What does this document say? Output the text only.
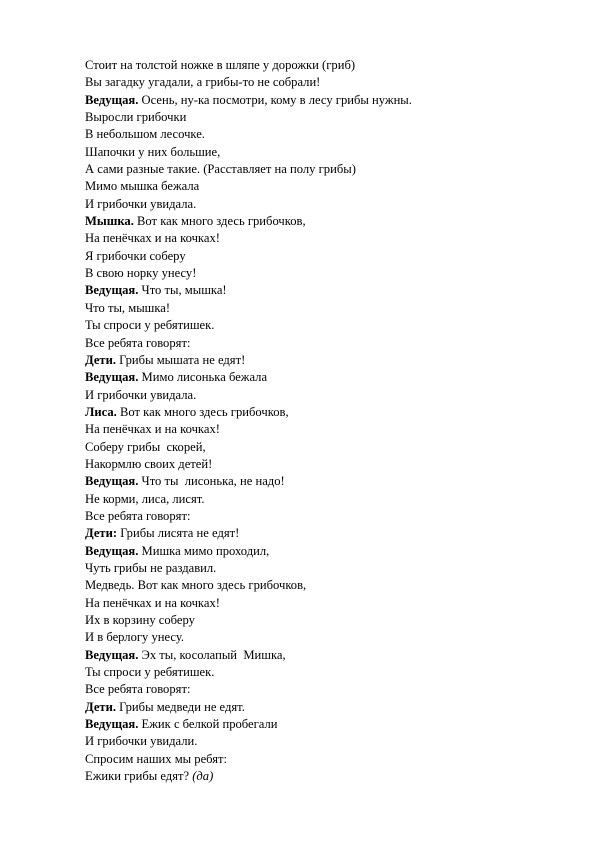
Стоит на толстой ножке в шляпе у дорожки (гриб)
Вы загадку угадали, а грибы-то не собрали!
Ведущая. Осень, ну-ка посмотри, кому в лесу грибы нужны.
Выросли грибочки
В небольшом лесочке.
Шапочки у них большие,
А сами разные такие. (Расставляет на полу грибы)
Мимо мышка бежала
И грибочки увидала.
Мышка. Вот как много здесь грибочков,
На пенёчках и на кочках!
Я грибочки соберу
В свою норку унесу!
Ведущая. Что ты, мышка!
Что ты, мышка!
Ты спроси у ребятишек.
Все ребята говорят:
Дети. Грибы мышата не едят!
Ведущая. Мимо лисонька бежала
И грибочки увидала.
Лиса. Вот как много здесь грибочков,
На пенёчках и на кочках!
Соберу грибы  скорей,
Накормлю своих детей!
Ведущая. Что ты  лисонька, не надо!
Не корми, лиса, лисят.
Все ребята говорят:
Дети: Грибы лисята не едят!
Ведущая. Мишка мимо проходил,
Чуть грибы не раздавил.
Медведь. Вот как много здесь грибочков,
На пенёчках и на кочках!
Их в корзину соберу
И в берлогу унесу.
Ведущая. Эх ты, косолапый  Мишка,
Ты спроси у ребятишек.
Все ребята говорят:
Дети. Грибы медведи не едят.
Ведущая. Ежик с белкой пробегали
И грибочки увидали.
Спросим наших мы ребят:
Ежики грибы едят? (да)
